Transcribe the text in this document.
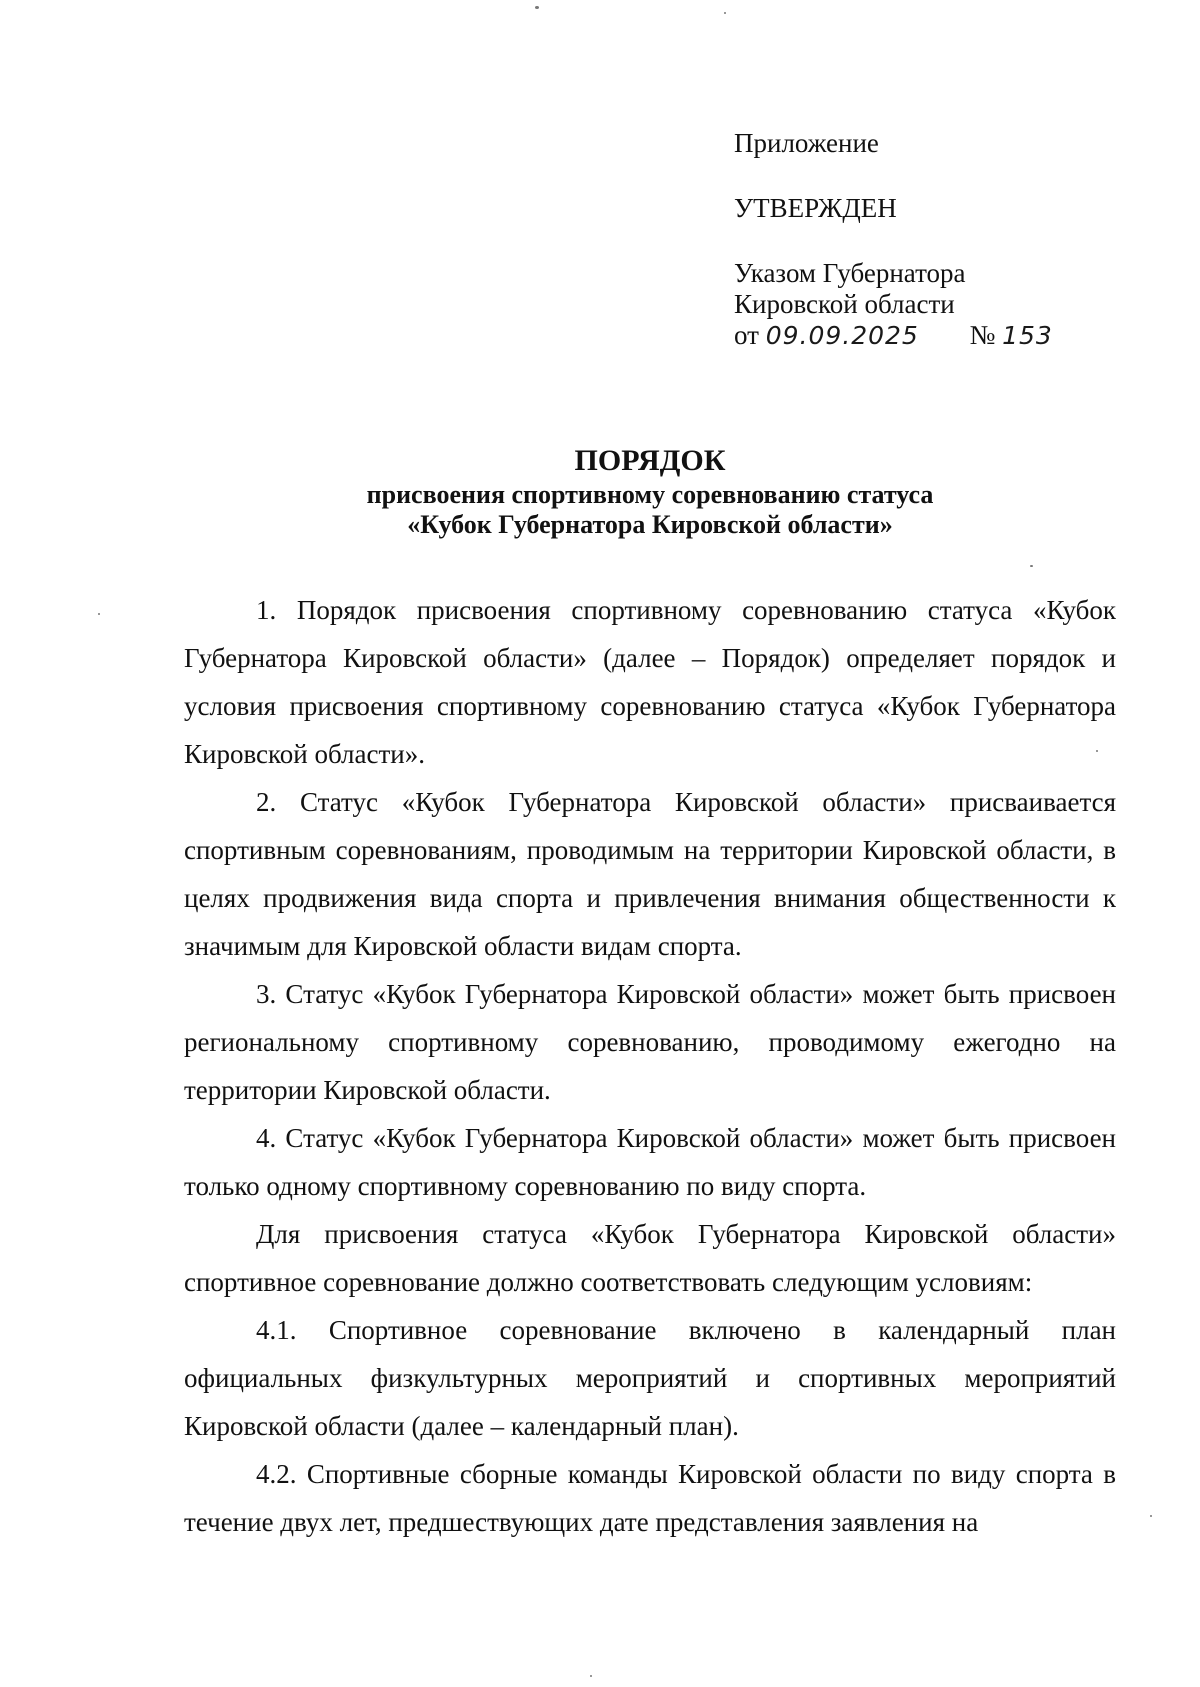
Приложение
УТВЕРЖДЕН
Указом Губернатора
Кировской области
от 09.09.2025 № 153
ПОРЯДОК
присвоения спортивному соревнованию статуса
«Кубок Губернатора Кировской области»

1. Порядок присвоения спортивному соревнованию статуса «Кубок Губернатора Кировской области» (далее – Порядок) определяет порядок и условия присвоения спортивному соревнованию статуса «Кубок Губернатора Кировской области».

2. Статус «Кубок Губернатора Кировской области» присваивается спортивным соревнованиям, проводимым на территории Кировской области, в целях продвижения вида спорта и привлечения внимания общественности к значимым для Кировской области видам спорта.

3. Статус «Кубок Губернатора Кировской области» может быть присвоен региональному спортивному соревнованию, проводимому ежегодно на территории Кировской области.

4. Статус «Кубок Губернатора Кировской области» может быть присвоен только одному спортивному соревнованию по виду спорта.

Для присвоения статуса «Кубок Губернатора Кировской области» спортивное соревнование должно соответствовать следующим условиям:

4.1. Спортивное соревнование включено в календарный план официальных физкультурных мероприятий и спортивных мероприятий Кировской области (далее – календарный план).

4.2. Спортивные сборные команды Кировской области по виду спорта в течение двух лет, предшествующих дате представления заявления на
